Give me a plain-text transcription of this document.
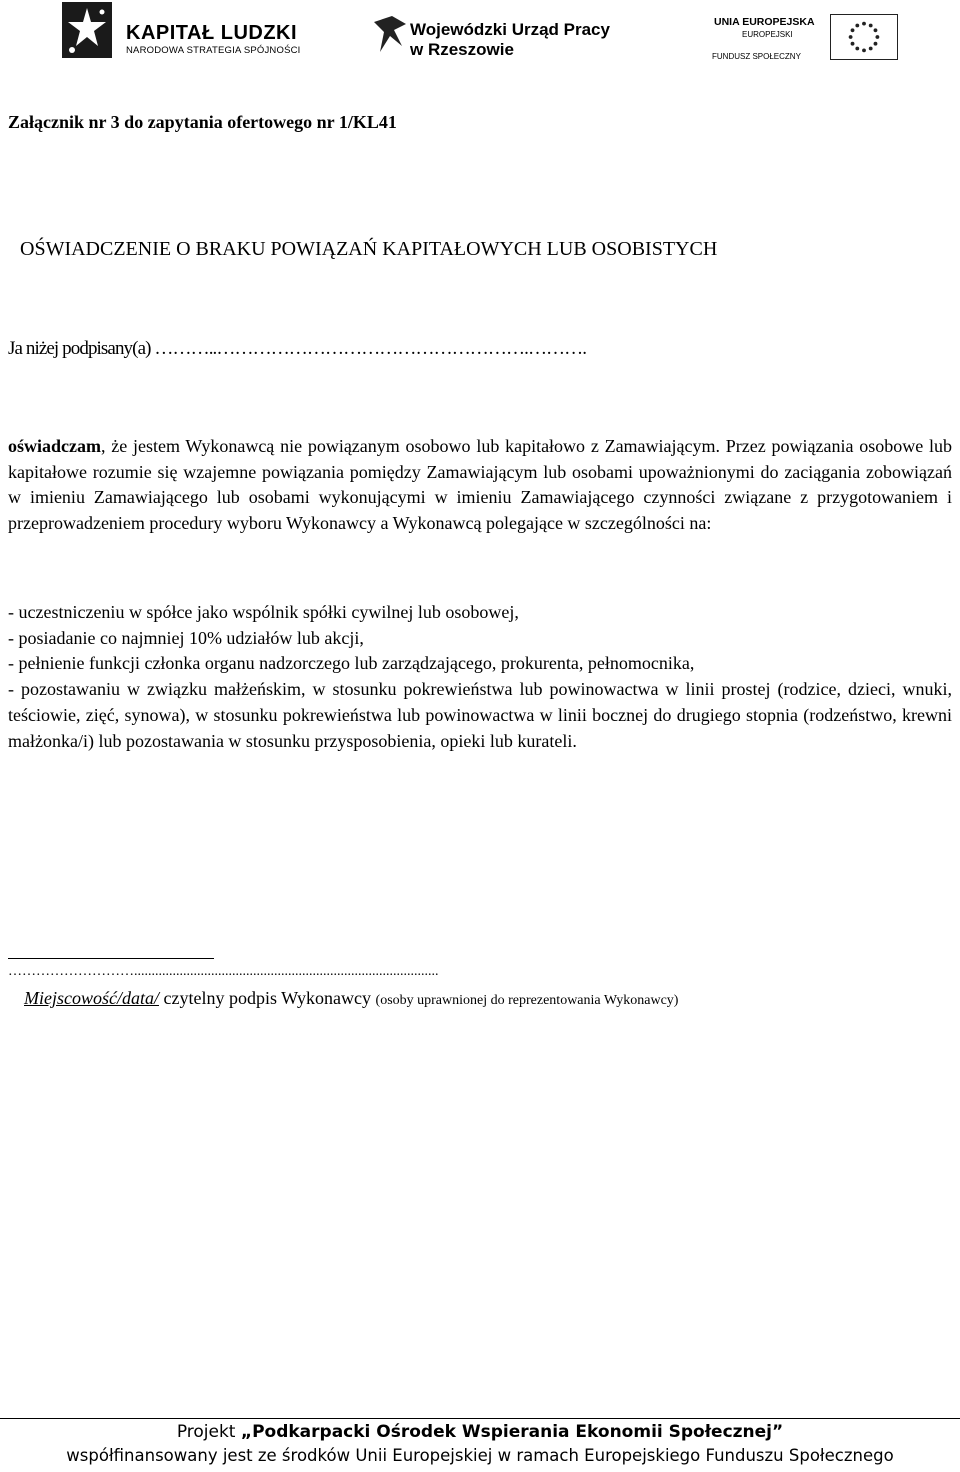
KAPITAŁ LUDZKI
NARODOWA STRATEGIA SPÓJNOŚCI
Wojewódzki Urząd Pracy
w Rzeszowie
UNIA EUROPEJSKA
EUROPEJSKI
FUNDUSZ SPOŁECZNY
Załącznik nr 3 do zapytania ofertowego nr 1/KL41
OŚWIADCZENIE O BRAKU POWIĄZAŃ KAPITAŁOWYCH LUB OSOBISTYCH
Ja niżej podpisany(a) ………..…………………………………………….……….
oświadczam, że jestem Wykonawcą nie powiązanym osobowo lub kapitałowo z Zamawiającym. Przez powiązania osobowe lub kapitałowe rozumie się wzajemne powiązania pomiędzy Zamawiającym lub osobami upoważnionymi do zaciągania zobowiązań w imieniu Zamawiającego lub osobami wykonującymi w imieniu Zamawiającego czynności związane z przygotowaniem i przeprowadzeniem procedury wyboru Wykonawcy a Wykonawcą polegające w szczególności na:

- uczestniczeniu w spółce jako wspólnik spółki cywilnej lub osobowej,

- posiadanie co najmniej 10% udziałów lub akcji,

- pełnienie funkcji członka organu nadzorczego lub zarządzającego, prokurenta, pełnomocnika,

- pozostawaniu w związku małżeńskim, w stosunku pokrewieństwa lub powinowactwa w linii prostej (rodzice, dzieci, wnuki, teściowie, zięć, synowa), w stosunku pokrewieństwa lub powinowactwa w linii bocznej do drugiego stopnia (rodzeństwo, krewni małżonka/i) lub pozostawania w stosunku przysposobienia, opieki lub kurateli.

……………………….......................................................................................
Miejscowość/data/ czytelny podpis Wykonawcy (osoby uprawnionej do reprezentowania Wykonawcy)
Projekt „Podkarpacki Ośrodek Wspierania Ekonomii Społecznej”
współfinansowany jest ze środków Unii Europejskiej w ramach Europejskiego Funduszu Społecznego
